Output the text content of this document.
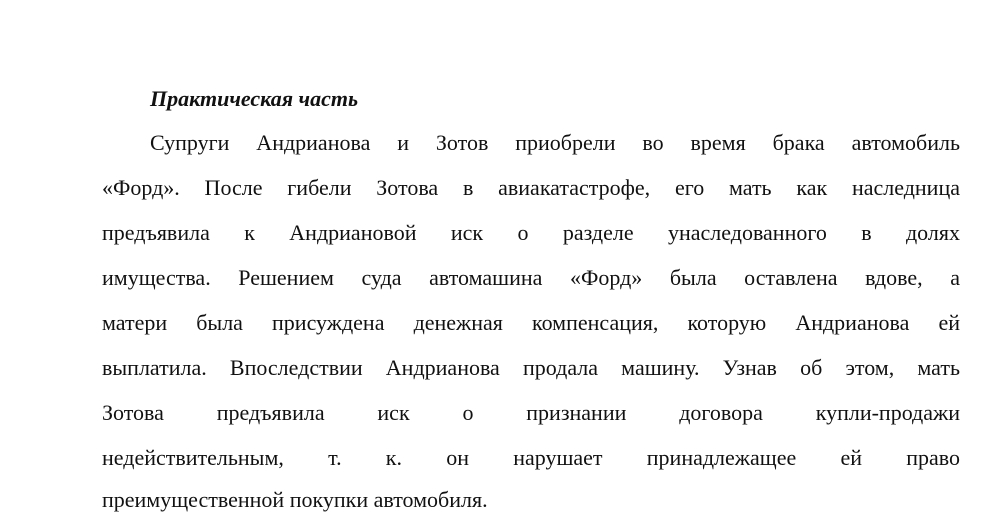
Практическая часть

Супруги Андрианова и Зотов приобрели во время брака автомобиль

«Форд». После гибели Зотова в авиакатастрофе, его мать как наследница

предъявила к Андриановой иск о разделе унаследованного в долях

имущества. Решением суда автомашина «Форд» была оставлена вдове, а

матери была присуждена денежная компенсация, которую Андрианова ей

выплатила. Впоследствии Андрианова продала машину. Узнав об этом, мать

Зотова предъявила иск о признании договора купли-продажи

недействительным, т. к. он нарушает принадлежащее ей право

преимущественной покупки автомобиля.
